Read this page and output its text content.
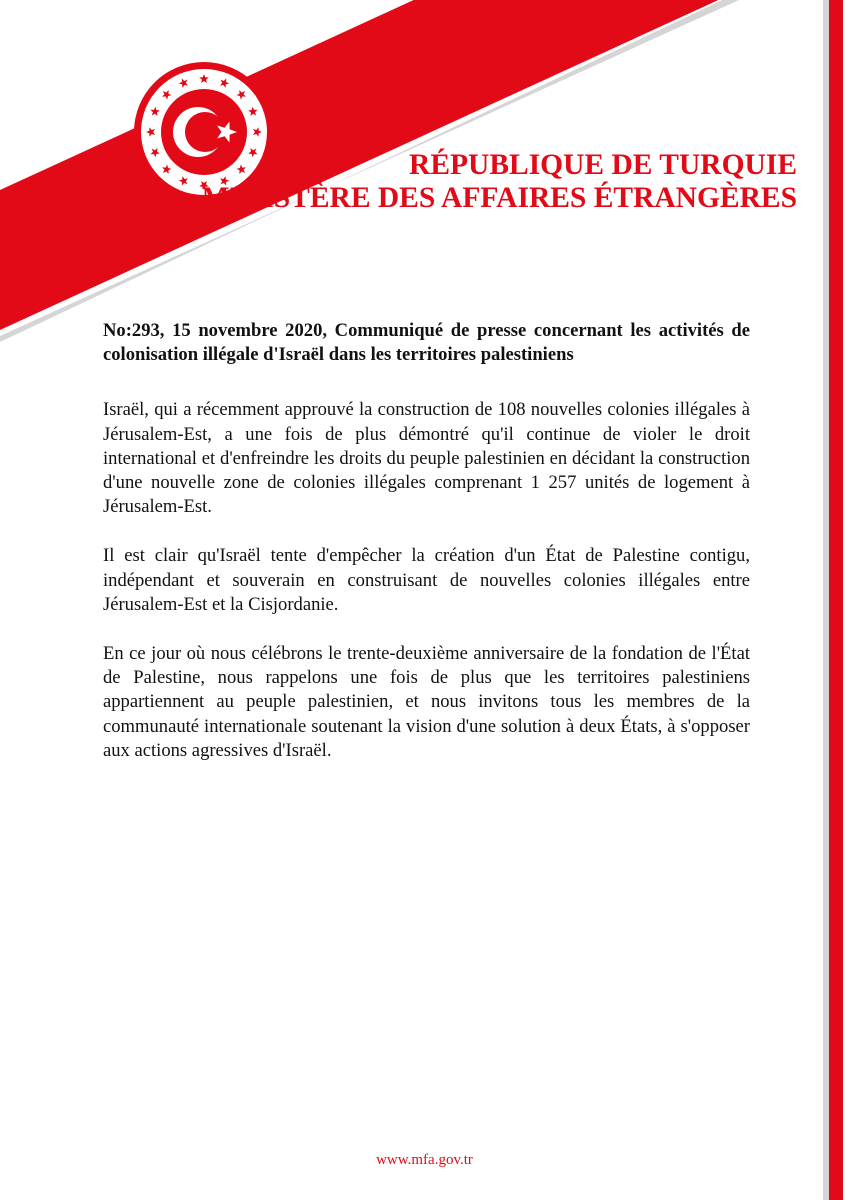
RÉPUBLIQUE DE TURQUIE
MINISTÈRE DES AFFAIRES ÉTRANGÈRES
No:293, 15 novembre 2020, Communiqué de presse concernant les activités de colonisation illégale d'Israël dans les territoires palestiniens
Israël, qui a récemment approuvé la construction de 108 nouvelles colonies illégales à Jérusalem-Est, a une fois de plus démontré qu'il continue de violer le droit international et d'enfreindre les droits du peuple palestinien en décidant la construction d'une nouvelle zone de colonies illégales comprenant 1 257 unités de logement à Jérusalem-Est.
Il est clair qu'Israël tente d'empêcher la création d'un État de Palestine contigu, indépendant et souverain en construisant de nouvelles colonies illégales entre Jérusalem-Est et la Cisjordanie.
En ce jour où nous célébrons le trente-deuxième anniversaire de la fondation de l'État de Palestine, nous rappelons une fois de plus que les territoires palestiniens appartiennent au peuple palestinien, et nous invitons tous les membres de la communauté internationale soutenant la vision d'une solution à deux États, à s'opposer aux actions agressives d'Israël.
www.mfa.gov.tr
